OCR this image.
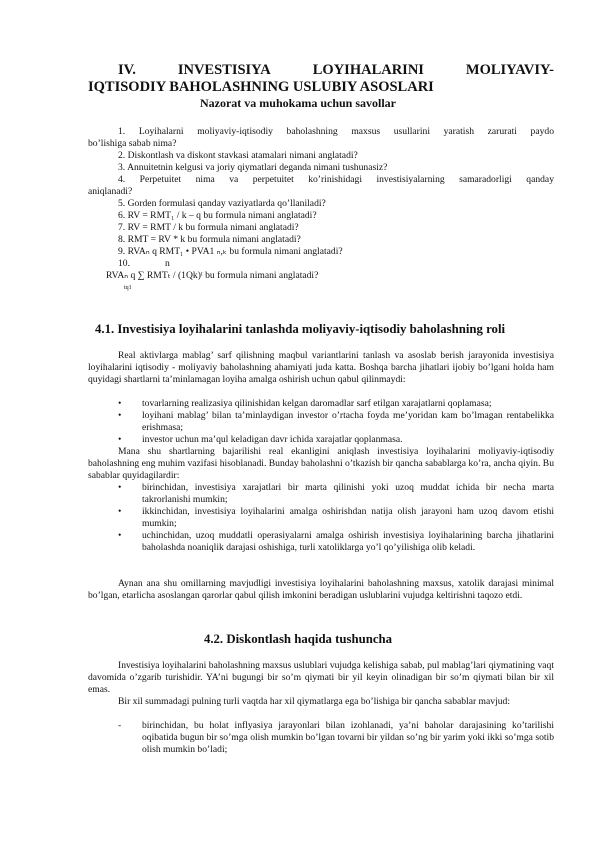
IV.	INVESTISIYA	LOYIHALARINI	MOLIYAVIY-
IQTISODIY BAHOLASHNING USLUBIY ASOSLARI

Nazorat va muhokama uchun savollar

1. Loyihalarni moliyaviy-iqtisodiy baholashning maxsus usullarini yaratish zarurati paydo
bo’lishiga sabab nima?

2. Diskontlash va diskont stavkasi atamalari nimani anglatadi?

3. Annuitetnin kelgusi va joriy qiymatlari deganda nimani tushunasiz?

4. Perpetuitet nima va perpetuitet ko’rinishidagi investisiyalarning samaradorligi qanday
aniqlanadi?

5. Gorden formulasi qanday vaziyatlarda qo’llaniladi?

6. RV = RMT₁ / k – q bu formula nimani anglatadi?

7. RV = RMT / k bu formula nimani anglatadi?

8. RMT = RV * k bu formula nimani anglatadi?

9. RVAₙ q RMT₁ • PVA1 ₙ,ₖ bu formula nimani anglatadi?

10.	n
RVAₙ q ∑ RMTₜ / (1Qk)ᵗ bu formula nimani anglatadi?
tq1
4.1. Investisiya loyihalarini tanlashda moliyaviy-iqtisodiy baholashning roli

Real aktivlarga mablag’ sarf qilishning maqbul variantlarini tanlash va asoslab berish jarayonida investisiya loyihalarini iqtisodiy - moliyaviy baholashning ahamiyati juda katta. Boshqa barcha jihatlari ijobiy bo’lgani holda ham quyidagi shartlarni ta’minlamagan loyiha amalga oshirish uchun qabul qilinmaydi:

•	tovarlarning realizasiya qilinishidan kelgan daromadlar sarf etilgan xarajatlarni qoplamasa;
•	loyihani mablag’ bilan ta’minlaydigan investor o’rtacha foyda me’yoridan kam bo’lmagan rentabelikka erishmasa;
•	investor uchun ma’qul keladigan davr ichida xarajatlar qoplanmasa.

Mana shu shartlarning bajarilishi real ekanligini aniqlash investisiya loyihalarini moliyaviy-iqtisodiy baholashning eng muhim vazifasi hisoblanadi. Bunday baholashni o’tkazish bir qancha sabablarga ko’ra, ancha qiyin. Bu sabablar quyidagilardir:

•	birinchidan, investisiya xarajatlari bir marta qilinishi yoki uzoq muddat ichida bir necha marta takrorlanishi mumkin;
•	ikkinchidan, investisiya loyihalarini amalga oshirishdan natija olish jarayoni ham uzoq davom etishi mumkin;
•	uchinchidan, uzoq muddatli operasiyalarni amalga oshirish investisiya loyihalarining barcha jihatlarini baholashda noaniqlik darajasi oshishiga, turli xatoliklarga yo’l qo’yilishiga olib keladi.

Aynan ana shu omillarning mavjudligi investisiya loyihalarini baholashning maxsus, xatolik darajasi minimal bo’lgan, etarlicha asoslangan qarorlar qabul qilish imkonini beradigan uslublarini vujudga keltirishni taqozo etdi.

4.2. Diskontlash haqida tushuncha

Investisiya loyihalarini baholashning maxsus uslublari vujudga kelishiga sabab, pul mablag’lari qiymatining vaqt davomida o’zgarib turishidir. YA’ni bugungi bir so’m qiymati bir yil keyin olinadigan bir so’m qiymati bilan bir xil emas.

Bir xil summadagi pulning turli vaqtda har xil qiymatlarga ega bo’lishiga bir qancha sabablar mavjud:

-	birinchidan, bu holat inflyasiya jarayonlari bilan izohlanadi, ya’ni baholar darajasining ko’tarilishi oqibatida bugun bir so’mga olish mumkin bo’lgan tovarni bir yildan so’ng bir yarim yoki ikki so’mga sotib olish mumkin bo’ladi;
